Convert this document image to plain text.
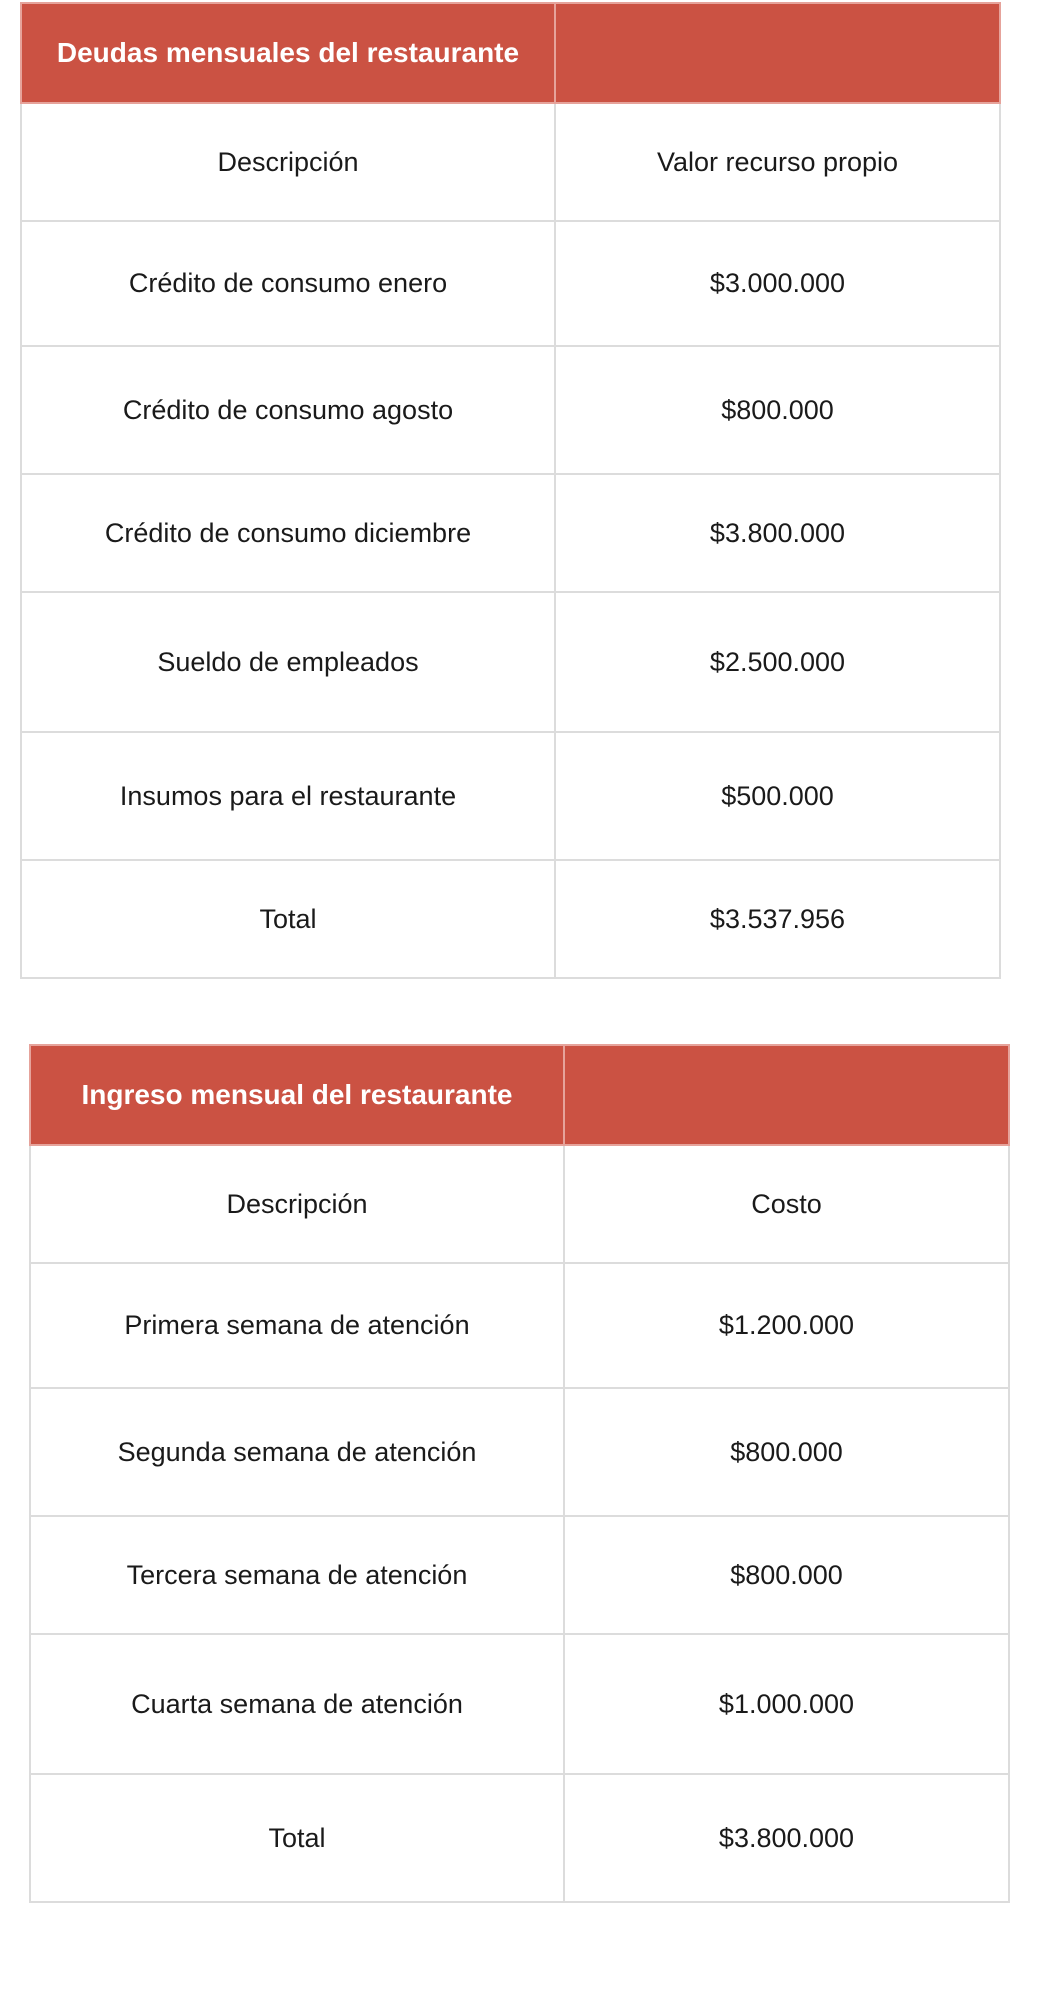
Deudas mensuales del restaurante	
Descripción	Valor recurso propio
Crédito de consumo enero	$3.000.000
Crédito de consumo agosto	$800.000
Crédito de consumo diciembre	$3.800.000
Sueldo de empleados	$2.500.000
Insumos para el restaurante	$500.000
Total	$3.537.956
Ingreso mensual del restaurante	
Descripción	Costo
Primera semana de atención	$1.200.000
Segunda semana de atención	$800.000
Tercera semana de atención	$800.000
Cuarta semana de atención	$1.000.000
Total	$3.800.000
